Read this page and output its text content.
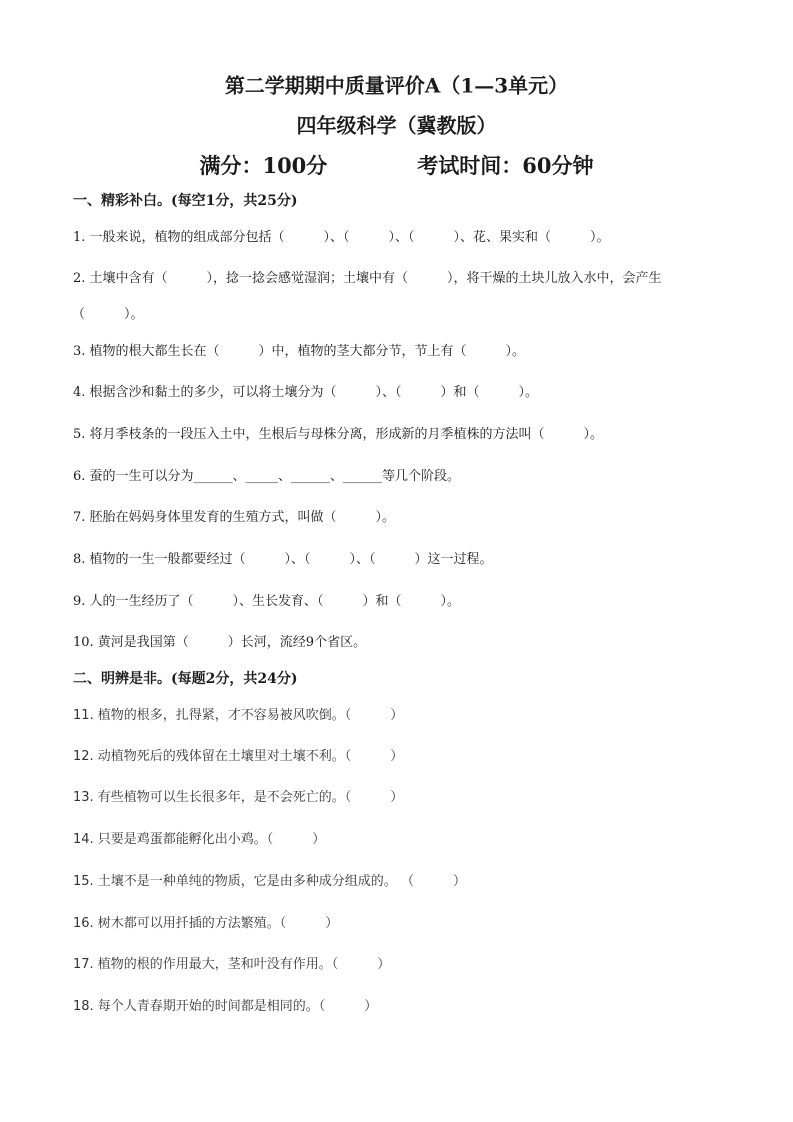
第二学期期中质量评价A（1—3单元）
四年级科学（冀教版）
满分：100分	考试时间：60分钟
一、精彩补白。(每空1分，共25分)
1. 一般来说，植物的组成部分包括（　　　）、（　　　）、（　　　）、花、果实和（　　　）。
2. 土壤中含有（　　　），捻一捻会感觉湿润；土壤中有（　　　），将干燥的土块儿放入水中，会产生
（　　　）。
3. 植物的根大都生长在（　　　）中，植物的茎大都分节，节上有（　　　）。
4. 根据含沙和黏土的多少，可以将土壤分为（　　　）、（　　　）和（　　　）。
5. 将月季枝条的一段压入土中，生根后与母株分离，形成新的月季植株的方法叫（　　　）。
6. 蚕的一生可以分为______、_____、______、______等几个阶段。
7. 胚胎在妈妈身体里发育的生殖方式，叫做（　　　）。
8. 植物的一生一般都要经过（　　　）、（　　　）、（　　　）这一过程。
9. 人的一生经历了（　　　）、生长发育、（　　　）和（　　　）。
10. 黄河是我国第（　　　）长河，流经9个省区。
二、明辨是非。(每题2分，共24分)
11. 植物的根多，扎得紧，才不容易被风吹倒。（　　　）
12. 动植物死后的残体留在土壤里对土壤不利。（　　　）
13. 有些植物可以生长很多年，是不会死亡的。（　　　）
14. 只要是鸡蛋都能孵化出小鸡。（　　　）
15. 土壤不是一种单纯的物质，它是由多种成分组成的。 （　　　）
16. 树木都可以用扦插的方法繁殖。（　　　）
17. 植物的根的作用最大，茎和叶没有作用。（　　　）
18. 每个人青春期开始的时间都是相同的。（　　　）
